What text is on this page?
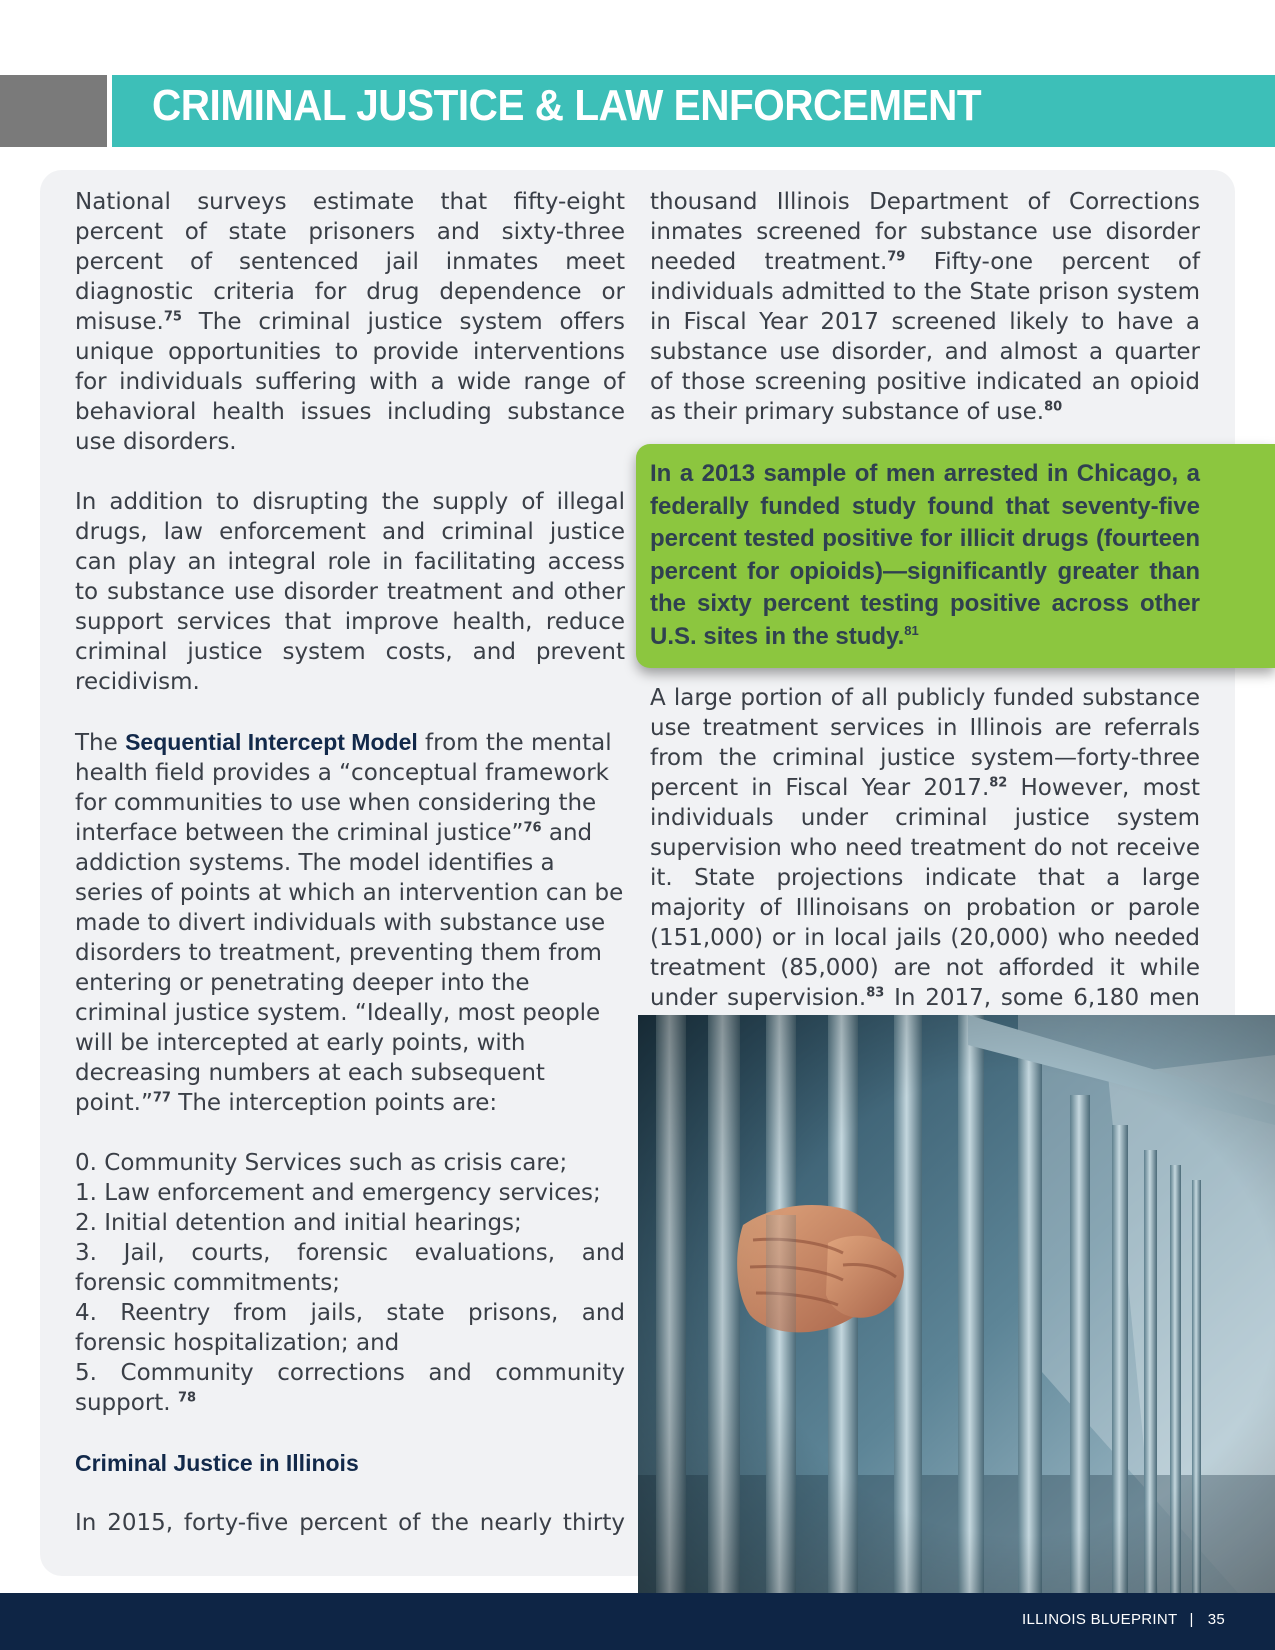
CRIMINAL JUSTICE & LAW ENFORCEMENT

National surveys estimate that fifty-eight percent of state prisoners and sixty-three percent of sentenced jail inmates meet diagnostic criteria for drug dependence or misuse.$^{75}$ The criminal justice system offers unique opportunities to provide interventions for individuals suffering with a wide range of behavioral health issues including substance use disorders.

In addition to disrupting the supply of illegal drugs, law enforcement and criminal justice can play an integral role in facilitating access to substance use disorder treatment and other support services that improve health, reduce criminal justice system costs, and prevent recidivism.

The Sequential Intercept Model from the mental health field provides a “conceptual framework for communities to use when considering the interface between the criminal justice”$^{76}$ and addiction systems. The model identifies a series of points at which an intervention can be made to divert individuals with substance use disorders to treatment, preventing them from entering or penetrating deeper into the criminal justice system. “Ideally, most people will be intercepted at early points, with decreasing numbers at each subsequent point.”$^{77}$ The interception points are:

0. Community Services such as crisis care;

1. Law enforcement and emergency services;

2. Initial detention and initial hearings;

3. Jail, courts, forensic evaluations, and forensic commitments;

4. Reentry from jails, state prisons, and forensic hospitalization; and

5. Community corrections and community support. $^{78}$

Criminal Justice in Illinois

In 2015, forty-five percent of the nearly thirty

thousand Illinois Department of Corrections inmates screened for substance use disorder needed treatment.$^{79}$ Fifty-one percent of individuals admitted to the State prison system in Fiscal Year 2017 screened likely to have a substance use disorder, and almost a quarter of those screening positive indicated an opioid as their primary substance of use.$^{80}$

In a 2013 sample of men arrested in Chicago, a federally funded study found that seventy-five percent tested positive for illicit drugs (fourteen percent for opioids)—significantly greater than the sixty percent testing positive across other U.S. sites in the study.$^{81}$

A large portion of all publicly funded substance use treatment services in Illinois are referrals from the criminal justice system—forty-three percent in Fiscal Year 2017.82 However, most individuals under criminal justice system supervision who need treatment do not receive it. State projections indicate that a large majority of Illinoisans on probation or parole (151,000) or in local jails (20,000) who needed treatment (85,000) are not afforded it while under supervision.$^{83}$ In 2017, some 6,180 men

ILLINOIS BLUEPRINT | 35
